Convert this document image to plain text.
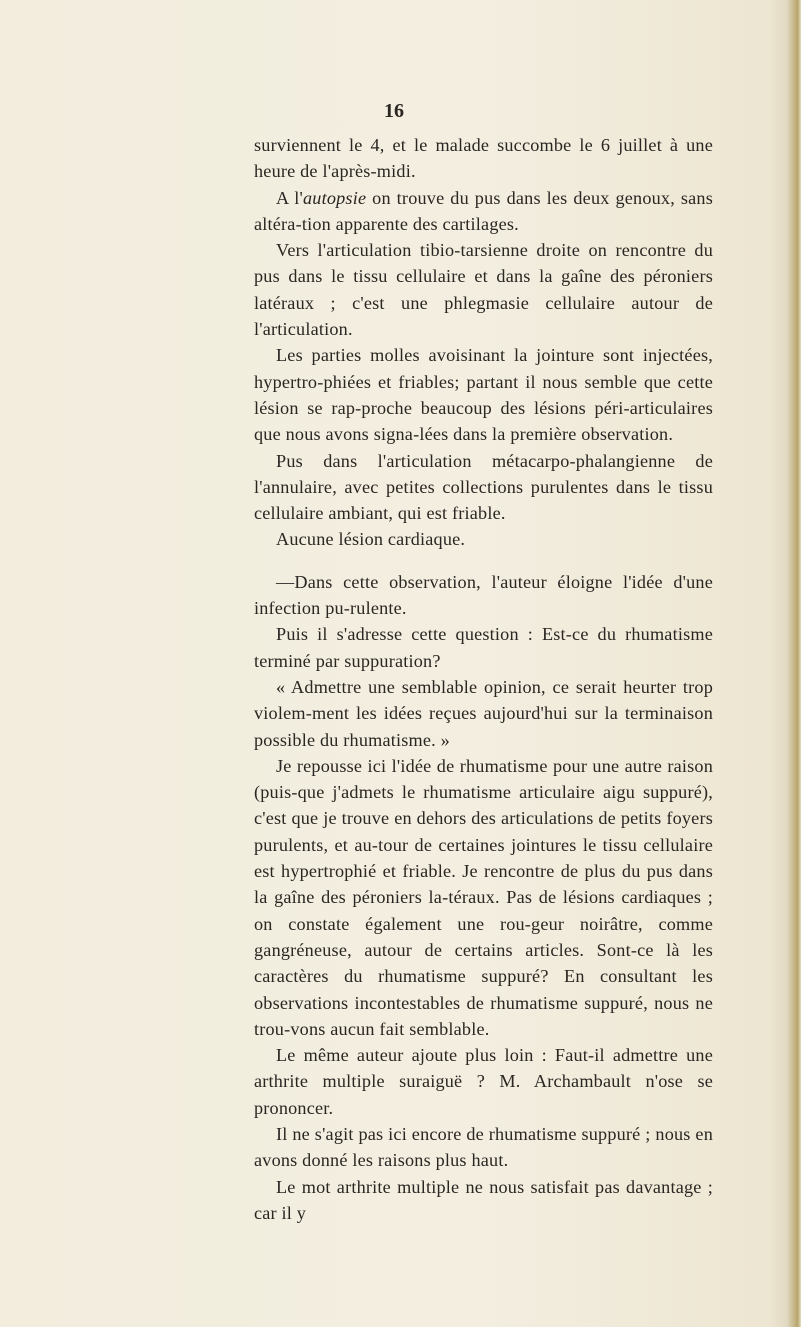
16

surviennent le 4, et le malade succombe le 6 juillet à une heure de l'après-midi.

A l'autopsie on trouve du pus dans les deux genoux, sans altéra-tion apparente des cartilages.

Vers l'articulation tibio-tarsienne droite on rencontre du pus dans le tissu cellulaire et dans la gaîne des péroniers latéraux ; c'est une phlegmasie cellulaire autour de l'articulation.

Les parties molles avoisinant la jointure sont injectées, hypertro-phiées et friables; partant il nous semble que cette lésion se rap-proche beaucoup des lésions péri-articulaires que nous avons signa-lées dans la première observation.

Pus dans l'articulation métacarpo-phalangienne de l'annulaire, avec petites collections purulentes dans le tissu cellulaire ambiant, qui est friable.

Aucune lésion cardiaque.

—Dans cette observation, l'auteur éloigne l'idée d'une infection pu-rulente.

Puis il s'adresse cette question : Est-ce du rhumatisme terminé par suppuration?

« Admettre une semblable opinion, ce serait heurter trop violem-ment les idées reçues aujourd'hui sur la terminaison possible du rhumatisme. »

Je repousse ici l'idée de rhumatisme pour une autre raison (puis-que j'admets le rhumatisme articulaire aigu suppuré), c'est que je trouve en dehors des articulations de petits foyers purulents, et au-tour de certaines jointures le tissu cellulaire est hypertrophié et friable. Je rencontre de plus du pus dans la gaîne des péroniers la-téraux. Pas de lésions cardiaques ; on constate également une rou-geur noirâtre, comme gangréneuse, autour de certains articles. Sont-ce là les caractères du rhumatisme suppuré? En consultant les observations incontestables de rhumatisme suppuré, nous ne trou-vons aucun fait semblable.

Le même auteur ajoute plus loin : Faut-il admettre une arthrite multiple suraiguë ? M. Archambault n'ose se prononcer.

Il ne s'agit pas ici encore de rhumatisme suppuré ; nous en avons donné les raisons plus haut.

Le mot arthrite multiple ne nous satisfait pas davantage ; car il y
